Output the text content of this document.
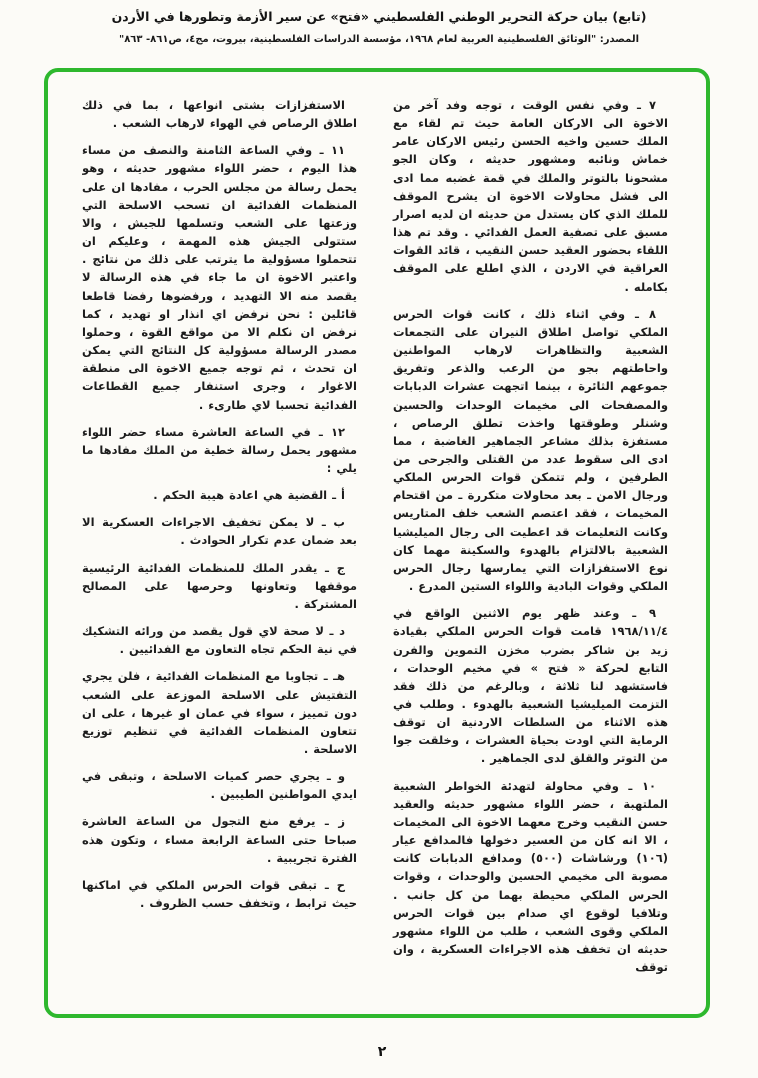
(تابع) بيان حركة التحرير الوطني الفلسطيني «فتح» عن سير الأزمة وتطورها في الأردن
المصدر: "الوثائق الفلسطينية العربية لعام ١٩٦٨، مؤسسة الدراسات الفلسطينية، بيروت، مج٤، ص٨٦١- ٨٦٣"

٧ ـ وفي نفس الوقت ، توجه وفد آخر من الاخوة الى الاركان العامة حيث تم لقاء مع الملك حسين واخيه الحسن رئيس الاركان عامر خماش ونائبه ومشهور حديثه ، وكان الجو مشحونا بالتوتر والملك في قمة غضبه مما ادى الى فشل محاولات الاخوة ان يشرح الموقف للملك الذي كان يستدل من حديثه ان لديه اصرار مسبق على تصفية العمل الفدائي . وقد تم هذا اللقاء بحضور العقيد حسن النقيب ، قائد القوات العراقية في الاردن ، الذي اطلع على الموقف بكامله .

٨ ـ وفي اثناء ذلك ، كانت قوات الحرس الملكي تواصل اطلاق النيران على التجمعات الشعبية والتظاهرات لارهاب المواطنين واحاطتهم بجو من الرعب والذعر وتفريق جموعهم الثائرة ، بينما اتجهت عشرات الدبابات والمصفحات الى مخيمات الوحدات والحسين وشنلر وطوقتها واخذت تطلق الرصاص ، مستفزة بذلك مشاعر الجماهير الغاضبة ، مما ادى الى سقوط عدد من القتلى والجرحى من الطرفين ، ولم تتمكن قوات الحرس الملكي ورجال الامن ـ بعد محاولات متكررة ـ من اقتحام المخيمات ، فقد اعتصم الشعب خلف المتاريس وكانت التعليمات قد اعطيت الى رجال الميليشيا الشعبية بالالتزام بالهدوء والسكينة مهما كان نوع الاستفزازات التي يمارسها رجال الحرس الملكي وقوات البادية واللواء الستين المدرع .

٩ ـ وعند ظهر يوم الاثنين الواقع في ١٩٦٨/١١/٤ قامت قوات الحرس الملكي بقيادة زيد بن شاكر بضرب مخزن التموين والفرن التابع لحركة « فتح » في مخيم الوحدات ، فاستشهد لنا ثلاثة ، وبالرغم من ذلك فقد التزمت الميليشيا الشعبية بالهدوء . وطلب في هذه الاثناء من السلطات الاردنية ان توقف الرماية التي اودت بحياة العشرات ، وخلقت جوا من التوتر والقلق لدى الجماهير .

١٠ ـ وفي محاولة لتهدئة الخواطر الشعبية الملتهبة ، حضر اللواء مشهور حديثه والعقيد حسن النقيب وخرج معهما الاخوة الى المخيمات ، الا انه كان من العسير دخولها فالمدافع عيار (١٠٦) ورشاشات (٥٠٠) ومدافع الدبابات كانت مصوبة الى مخيمي الحسين والوحدات ، وقوات الحرس الملكي محيطة بهما من كل جانب . وتلافيا لوقوع اي صدام بين قوات الحرس الملكي وقوى الشعب ، طلب من اللواء مشهور حديثه ان تخفف هذه الاجراءات العسكرية ، وان توقف

الاستفزازات بشتى انواعها ، بما في ذلك اطلاق الرصاص في الهواء لارهاب الشعب .

١١ ـ وفي الساعة الثامنة والنصف من مساء هذا اليوم ، حضر اللواء مشهور حديثه ، وهو يحمل رسالة من مجلس الحرب ، مفادها ان على المنظمات الفدائية ان تسحب الاسلحة التي وزعتها على الشعب وتسلمها للجيش ، والا ستتولى الجيش هذه المهمة ، وعليكم ان تتحملوا مسؤولية ما يترتب على ذلك من نتائج . واعتبر الاخوة ان ما جاء في هذه الرسالة لا يقصد منه الا التهديد ، ورفضوها رفضا قاطعا قائلين : نحن نرفض اي انذار او تهديد ، كما نرفض ان نكلم الا من مواقع القوة ، وحملوا مصدر الرسالة مسؤولية كل النتائج التي يمكن ان تحدث ، ثم توجه جميع الاخوة الى منطقة الاغوار ، وجرى استنفار جميع القطاعات الفدائية تحسبا لاي طارىء .

١٢ ـ في الساعة العاشرة مساء حضر اللواء مشهور يحمل رسالة خطية من الملك مفادها ما يلي :

أ ـ القضية هي اعادة هيبة الحكم .

ب ـ لا يمكن تخفيف الاجراءات العسكرية الا بعد ضمان عدم تكرار الحوادث .

ج ـ يقدر الملك للمنظمات الفدائية الرئيسية موقفها وتعاونها وحرصها على المصالح المشتركة .

د ـ لا صحة لاي قول يقصد من ورائه التشكيك في نية الحكم تجاه التعاون مع الفدائيين .

هـ ـ تجاوبا مع المنظمات الفدائية ، فلن يجري التفتيش على الاسلحة الموزعة على الشعب دون تمييز ، سواء في عمان او غيرها ، على ان تتعاون المنظمات الفدائية في تنظيم توزيع الاسلحة .

و ـ يجري حصر كميات الاسلحة ، وتبقى في ايدي المواطنين الطيبين .

ز ـ يرفع منع التجول من الساعة العاشرة صباحا حتى الساعة الرابعة مساء ، وتكون هذه الفترة تجريبية .

ح ـ تبقى قوات الحرس الملكي في اماكنها حيث ترابط ، وتخفف حسب الظروف .

٢
